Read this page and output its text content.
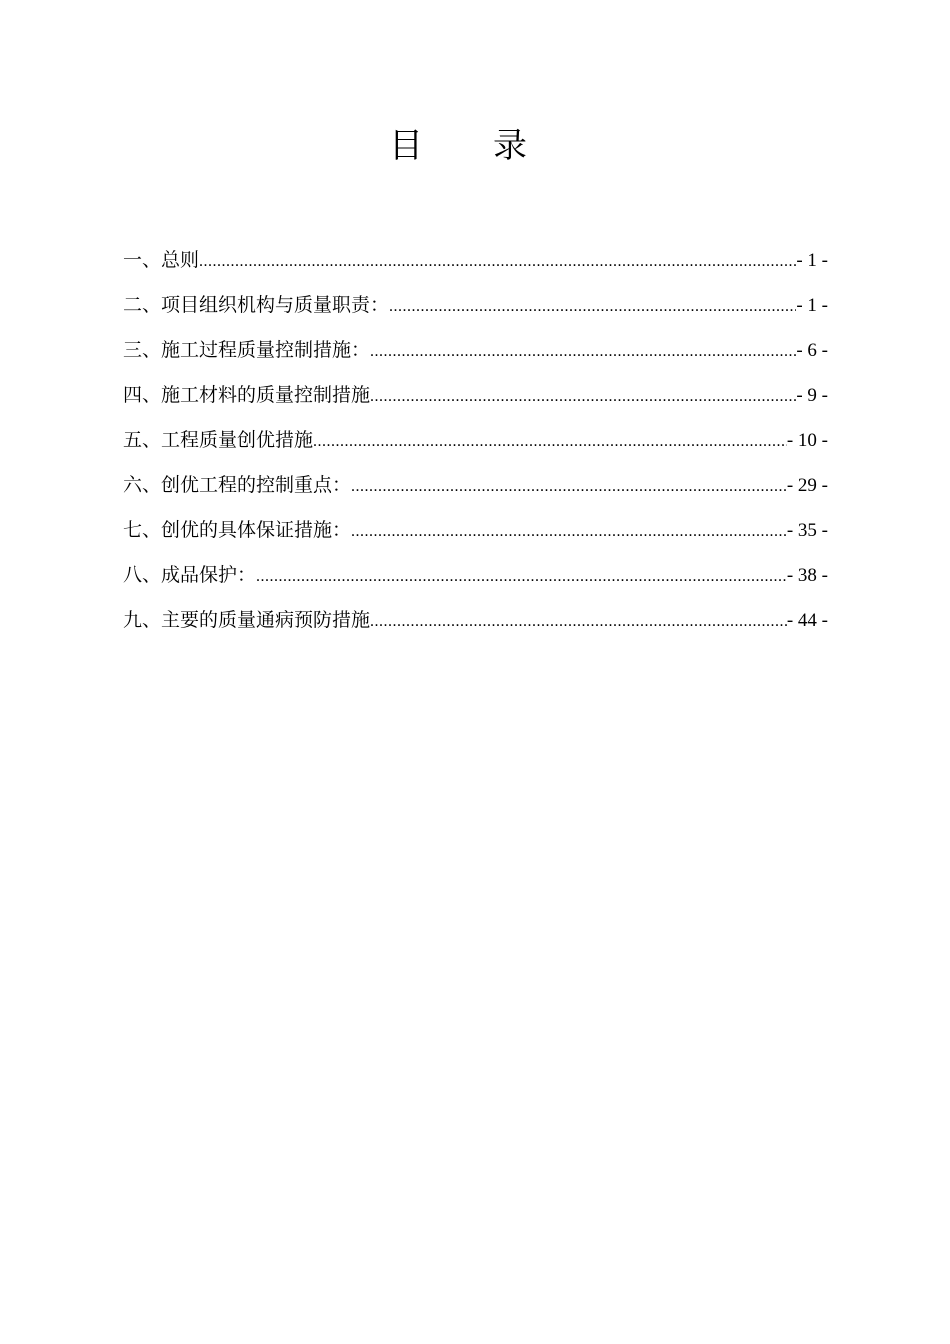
目 录
一、总则 .....	- 1 -
二、项目组织机构与质量职责： .....	- 1 -
三、施工过程质量控制措施： .....	- 6 -
四、施工材料的质量控制措施 .....	- 9 -
五、工程质量创优措施 .....	- 10 -
六、创优工程的控制重点： .....	- 29 -
七、创优的具体保证措施： .....	- 35 -
八、成品保护： .....	- 38 -
九、主要的质量通病预防措施 .....	- 44 -
